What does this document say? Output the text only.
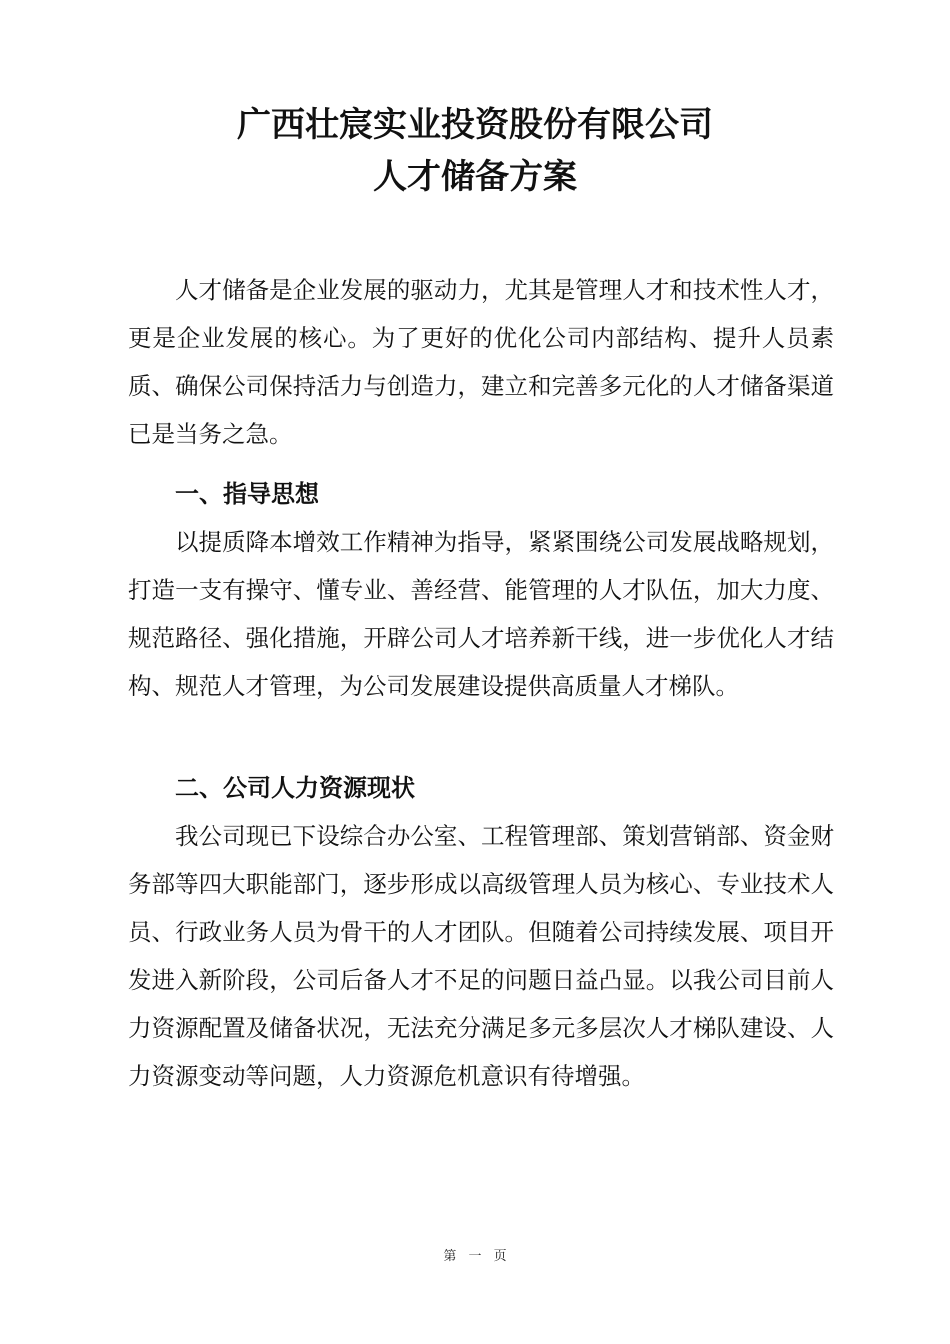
广西壮宸实业投资股份有限公司
人才储备方案

人才储备是企业发展的驱动力，尤其是管理人才和技术性人才，更是企业发展的核心。为了更好的优化公司内部结构、提升人员素质、确保公司保持活力与创造力，建立和完善多元化的人才储备渠道已是当务之急。

一、指导思想

以提质降本增效工作精神为指导，紧紧围绕公司发展战略规划，打造一支有操守、懂专业、善经营、能管理的人才队伍，加大力度、规范路径、强化措施，开辟公司人才培养新干线，进一步优化人才结构、规范人才管理，为公司发展建设提供高质量人才梯队。

二、公司人力资源现状

我公司现已下设综合办公室、工程管理部、策划营销部、资金财务部等四大职能部门，逐步形成以高级管理人员为核心、专业技术人员、行政业务人员为骨干的人才团队。但随着公司持续发展、项目开发进入新阶段，公司后备人才不足的问题日益凸显。以我公司目前人力资源配置及储备状况，无法充分满足多元多层次人才梯队建设、人力资源变动等问题，人力资源危机意识有待增强。

第 一 页
